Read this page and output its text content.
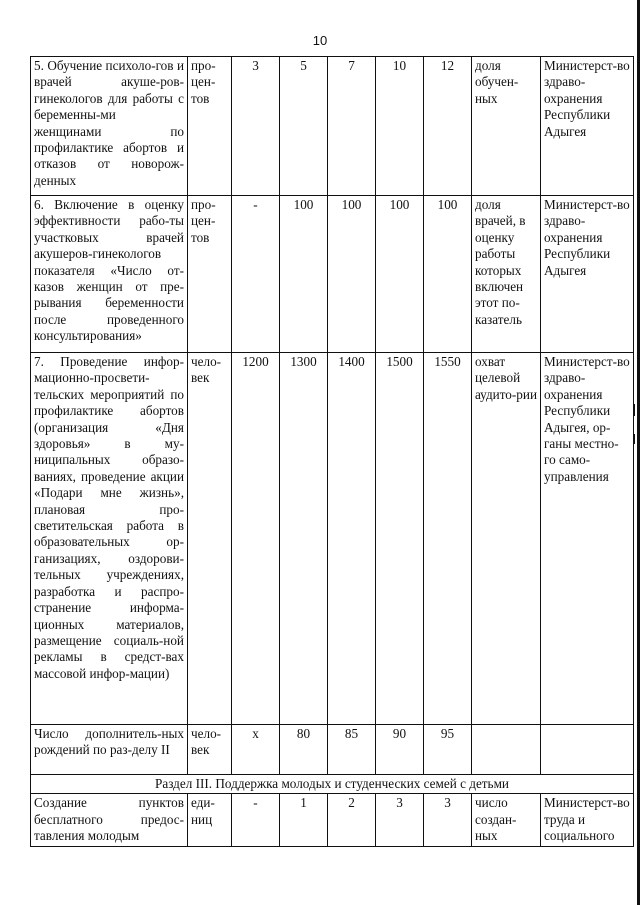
10
5. Обучение психоло-гов и врачей акуше-ров-гинекологов для работы с беременны-ми женщинами по профилактике абортов и отказов от новорож-денных	про-цен-тов	3	5	7	10	12	доля обучен-ных	Министерст-во здраво-охранения Республики Адыгея
6. Включение в оценку эффективности рабо-ты участковых врачей акушеров-гинекологов показателя «Число от-казов женщин от пре-рывания беременности после проведенного консультирования»	про-цен-тов	-	100	100	100	100	доля врачей, в оценку работы которых включен этот по-казатель	Министерст-во здраво-охранения Республики Адыгея
7. Проведение инфор-мационно-просвети-тельских мероприятий по профилактике абортов (организация «Дня здоровья» в му-ниципальных образо-ваниях, проведение акции «Подари мне жизнь», плановая про-светительская работа в образовательных ор-ганизациях, оздорови-тельных учреждениях, разработка и распро-странение информа-ционных материалов, размещение социаль-ной рекламы в средст-вах массовой инфор-мации)	чело-век	1200	1300	1400	1500	1550	охват целевой аудито-рии	Министерст-во здраво-охранения Республики Адыгея, ор-ганы местно-го само-управления
Число дополнитель-ных рождений по раз-делу II	чело-век	х	80	85	90	95		
Раздел III. Поддержка молодых и студенческих семей с детьми								
Создание пунктов бесплатного предос-тавления молодым	еди-ниц	-	1	2	3	3	число создан-ных	Министерст-во труда и социального
